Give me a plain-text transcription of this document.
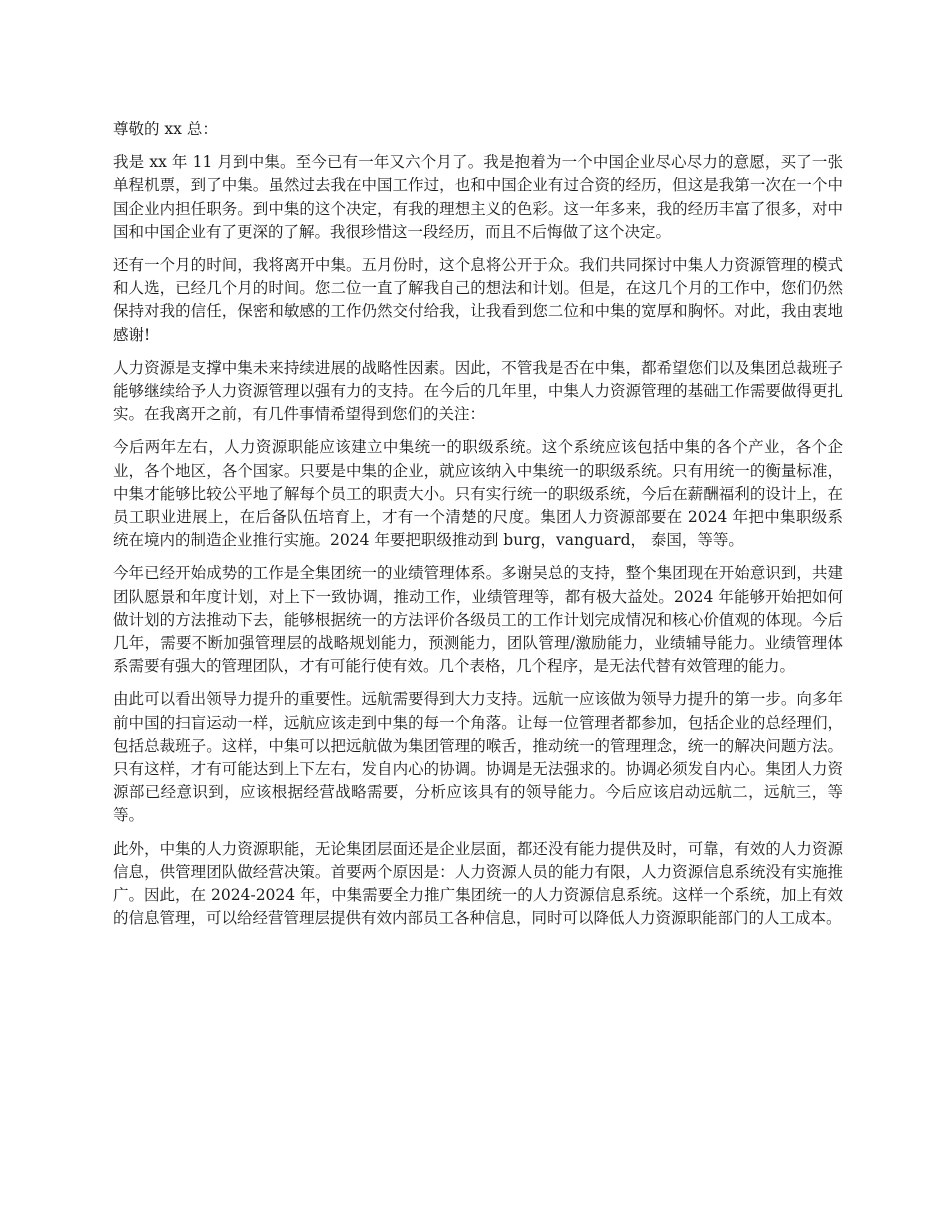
尊敬的 xx 总：

我是 xx 年 11 月到中集。至今已有一年又六个月了。我是抱着为一个中国企业尽心尽力的意愿，买了一张单程机票，到了中集。虽然过去我在中国工作过，也和中国企业有过合资的经历，但这是我第一次在一个中国企业内担任职务。到中集的这个决定，有我的理想主义的色彩。这一年多来，我的经历丰富了很多，对中国和中国企业有了更深的了解。我很珍惜这一段经历，而且不后悔做了这个决定。

还有一个月的时间，我将离开中集。五月份时，这个息将公开于众。我们共同探讨中集人力资源管理的模式和人选，已经几个月的时间。您二位一直了解我自己的想法和计划。但是，在这几个月的工作中，您们仍然保持对我的信任，保密和敏感的工作仍然交付给我，让我看到您二位和中集的宽厚和胸怀。对此，我由衷地感谢!

人力资源是支撑中集未来持续进展的战略性因素。因此，不管我是否在中集，都希望您们以及集团总裁班子能够继续给予人力资源管理以强有力的支持。在今后的几年里，中集人力资源管理的基础工作需要做得更扎实。在我离开之前，有几件事情希望得到您们的关注：

今后两年左右，人力资源职能应该建立中集统一的职级系统。这个系统应该包括中集的各个产业，各个企业，各个地区，各个国家。只要是中集的企业，就应该纳入中集统一的职级系统。只有用统一的衡量标准，中集才能够比较公平地了解每个员工的职责大小。只有实行统一的职级系统，今后在薪酬福利的设计上，在员工职业进展上，在后备队伍培育上，才有一个清楚的尺度。集团人力资源部要在 2024 年把中集职级系统在境内的制造企业推行实施。2024 年要把职级推动到 burg，vanguard， 泰国，等等。

今年已经开始成势的工作是全集团统一的业绩管理体系。多谢吴总的支持，整个集团现在开始意识到，共建团队愿景和年度计划，对上下一致协调，推动工作，业绩管理等，都有极大益处。2024 年能够开始把如何做计划的方法推动下去，能够根据统一的方法评价各级员工的工作计划完成情况和核心价值观的体现。今后几年，需要不断加强管理层的战略规划能力，预测能力，团队管理/激励能力，业绩辅导能力。业绩管理体系需要有强大的管理团队，才有可能行使有效。几个表格，几个程序，是无法代替有效管理的能力。

由此可以看出领导力提升的重要性。远航需要得到大力支持。远航一应该做为领导力提升的第一步。向多年前中国的扫盲运动一样，远航应该走到中集的每一个角落。让每一位管理者都参加，包括企业的总经理们，包括总裁班子。这样，中集可以把远航做为集团管理的喉舌，推动统一的管理理念，统一的解决问题方法。只有这样，才有可能达到上下左右，发自内心的协调。协调是无法强求的。协调必须发自内心。集团人力资源部已经意识到，应该根据经营战略需要，分析应该具有的领导能力。今后应该启动远航二，远航三，等等。

此外，中集的人力资源职能，无论集团层面还是企业层面，都还没有能力提供及时，可靠，有效的人力资源信息，供管理团队做经营决策。首要两个原因是：人力资源人员的能力有限，人力资源信息系统没有实施推广。因此，在 2024-2024 年，中集需要全力推广集团统一的人力资源信息系统。这样一个系统，加上有效的信息管理，可以给经营管理层提供有效内部员工各种信息，同时可以降低人力资源职能部门的人工成本。
